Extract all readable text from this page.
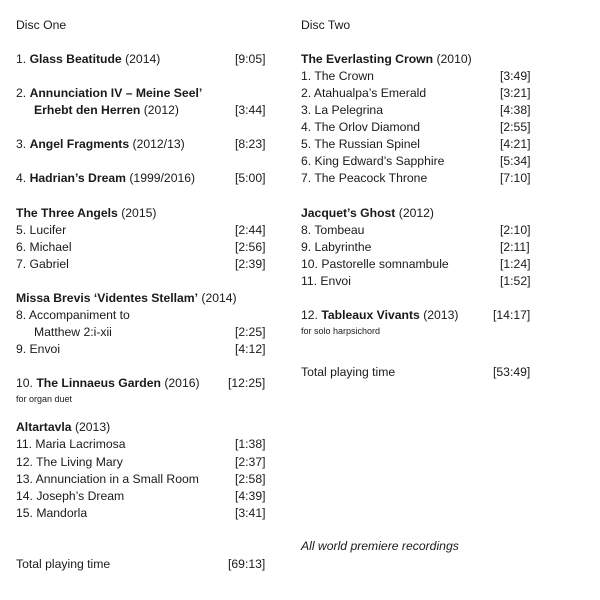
Disc One
1. Glass Beatitude (2014)	[9:05]
2. Annunciation IV – Meine Seel’
Erhebt den Herren (2012)	[3:44]
3. Angel Fragments (2012/13)	[8:23]
4. Hadrian’s Dream (1999/2016)	[5:00]
The Three Angels (2015)
5. Lucifer	[2:44]
6. Michael	[2:56]
7. Gabriel	[2:39]
Missa Brevis ‘Videntes Stellam’ (2014)
8. Accompaniment to
Matthew 2:i-xii	[2:25]
9. Envoi	[4:12]
10. The Linnaeus Garden (2016) [12:25]
for organ duet
Altartavla (2013)
11. Maria Lacrimosa	[1:38]
12. The Living Mary	[2:37]
13. Annunciation in a Small Room	[2:58]
14. Joseph’s Dream	[4:39]
15. Mandorla	[3:41]
Total playing time	[69:13]
Disc Two
The Everlasting Crown (2010)
1. The Crown	[3:49]
2. Atahualpa’s Emerald	[3:21]
3. La Pelegrina	[4:38]
4. The Orlov Diamond	[2:55]
5. The Russian Spinel	[4:21]
6. King Edward’s Sapphire	[5:34]
7. The Peacock Throne	[7:10]
Jacquet’s Ghost (2012)
8. Tombeau	[2:10]
9. Labyrinthe	[2:11]
10. Pastorelle somnambule	[1:24]
11. Envoi	[1:52]
12. Tableaux Vivants (2013)	[14:17]
for solo harpsichord
Total playing time	[53:49]
All world premiere recordings
